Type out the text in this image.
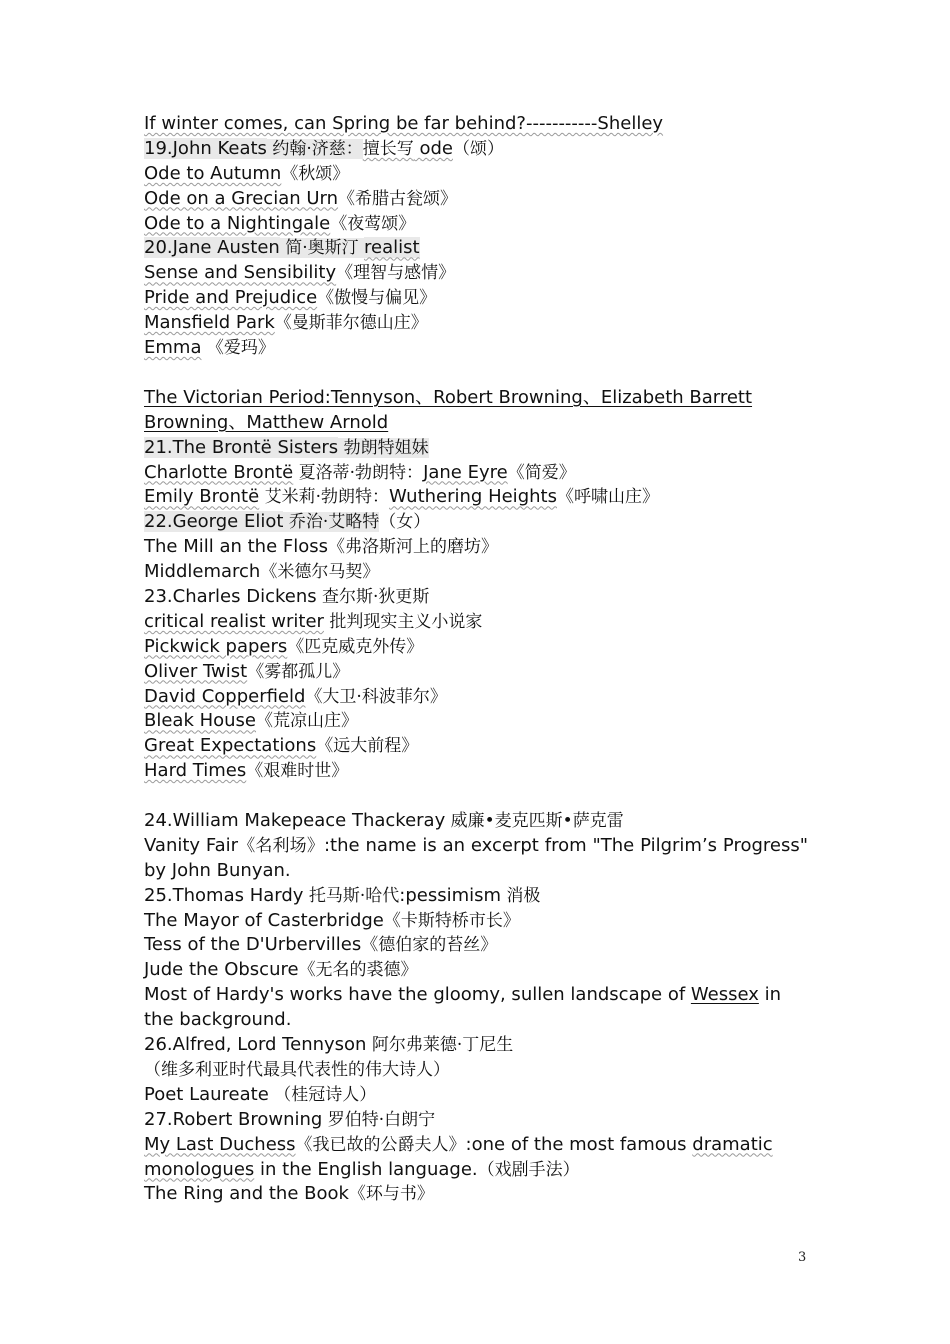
If winter comes, can Spring be far behind?-----------Shelley
19.John Keats 约翰·济慈：擅长写 ode（颂）
Ode to Autumn《秋颂》
Ode on a Grecian Urn《希腊古瓮颂》
Ode to a Nightingale《夜莺颂》
20.Jane Austen 简·奥斯汀 realist
Sense and Sensibility《理智与感情》
Pride and Prejudice《傲慢与偏见》
Mansfield Park《曼斯菲尔德山庄》
Emma 《爱玛》
The Victorian Period:Tennyson、Robert Browning、Elizabeth Barrett Browning、Matthew Arnold
21.The Brontë Sisters 勃朗特姐妹
Charlotte Brontë 夏洛蒂·勃朗特：Jane Eyre《简爱》
Emily Brontë 艾米莉·勃朗特：Wuthering Heights《呼啸山庄》
22.George Eliot 乔治·艾略特（女）
The Mill an the Floss《弗洛斯河上的磨坊》
Middlemarch《米德尔马契》
23.Charles Dickens 查尔斯·狄更斯
critical realist writer 批判现实主义小说家
Pickwick papers《匹克威克外传》
Oliver Twist《雾都孤儿》
David Copperfield《大卫·科波菲尔》
Bleak House《荒凉山庄》
Great Expectations《远大前程》
Hard Times《艰难时世》
24.William Makepeace Thackeray 威廉•麦克匹斯•萨克雷
Vanity Fair《名利场》:the name is an excerpt from "The Pilgrim’s Progress" by John Bunyan.
25.Thomas Hardy 托马斯·哈代:pessimism 消极
The Mayor of Casterbridge《卡斯特桥市长》
Tess of the D'Urbervilles《德伯家的苔丝》
Jude the Obscure《无名的裘德》
Most of Hardy's works have the gloomy, sullen landscape of Wessex in the background.
26.Alfred, Lord Tennyson 阿尔弗莱德·丁尼生
（维多利亚时代最具代表性的伟大诗人）
Poet Laureate （桂冠诗人）
27.Robert Browning 罗伯特·白朗宁
My Last Duchess《我已故的公爵夫人》:one of the most famous dramatic monologues in the English language.（戏剧手法）
The Ring and the Book《环与书》
3
